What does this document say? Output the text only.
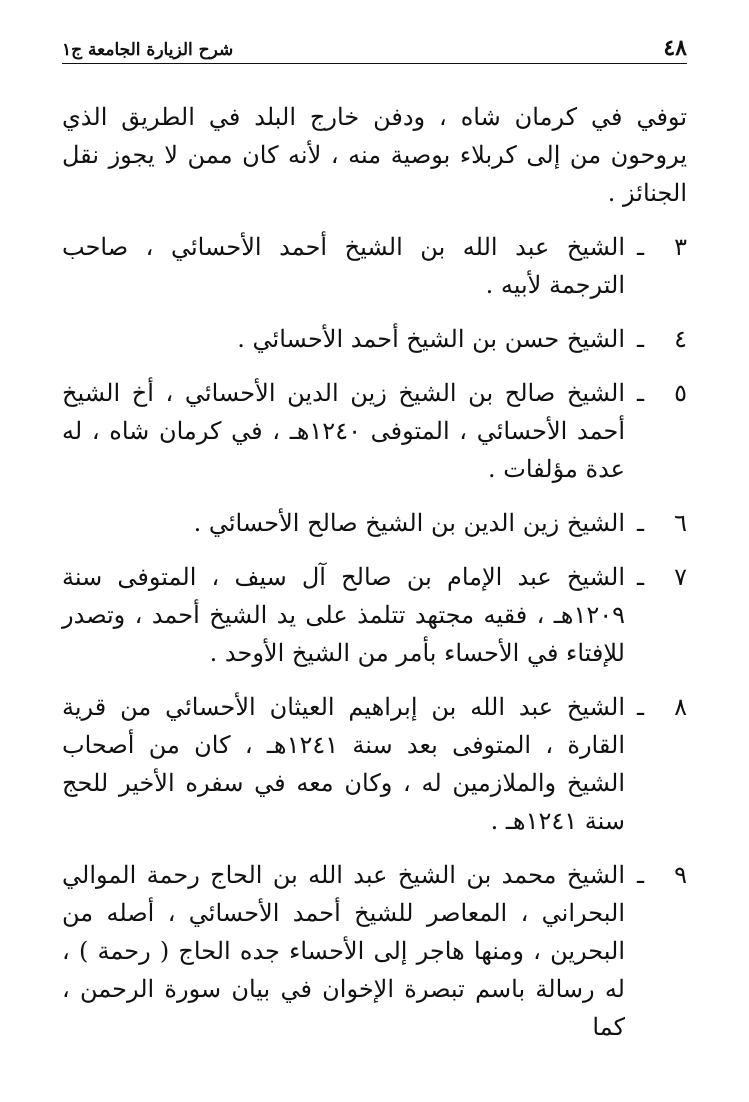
٤٨
شرح الزيارة الجامعة ج١

توفي في كرمان شاه ، ودفن خارج البلد في الطريق الذي يروحون من إلى كربلاء بوصية منه ، لأنه كان ممن لا يجوز نقل الجنائز .

٣
ـ
الشيخ عبد الله بن الشيخ أحمد الأحسائي ، صاحب الترجمة لأبيه .
٤
ـ
الشيخ حسن بن الشيخ أحمد الأحسائي .
٥
ـ
الشيخ صالح بن الشيخ زين الدين الأحسائي ، أخ الشيخ أحمد الأحسائي ، المتوفى ١٢٤٠هـ ، في كرمان شاه ، له عدة مؤلفات .
٦
ـ
الشيخ زين الدين بن الشيخ صالح الأحسائي .
٧
ـ
الشيخ عبد الإمام بن صالح آل سيف ، المتوفى سنة ١٢٠٩هـ ، فقيه مجتهد تتلمذ على يد الشيخ أحمد ، وتصدر للإفتاء في الأحساء بأمر من الشيخ الأوحد .
٨
ـ
الشيخ عبد الله بن إبراهيم العيثان الأحسائي من قرية القارة ، المتوفى بعد سنة ١٢٤١هـ ، كان من أصحاب الشيخ والملازمين له ، وكان معه في سفره الأخير للحج سنة ١٢٤١هـ .
٩
ـ
الشيخ محمد بن الشيخ عبد الله بن الحاج رحمة الموالي البحراني ، المعاصر للشيخ أحمد الأحسائي ، أصله من البحرين ، ومنها هاجر إلى الأحساء جده الحاج ( رحمة ) ، له رسالة باسم تبصرة الإخوان في بيان سورة الرحمن ، كما
